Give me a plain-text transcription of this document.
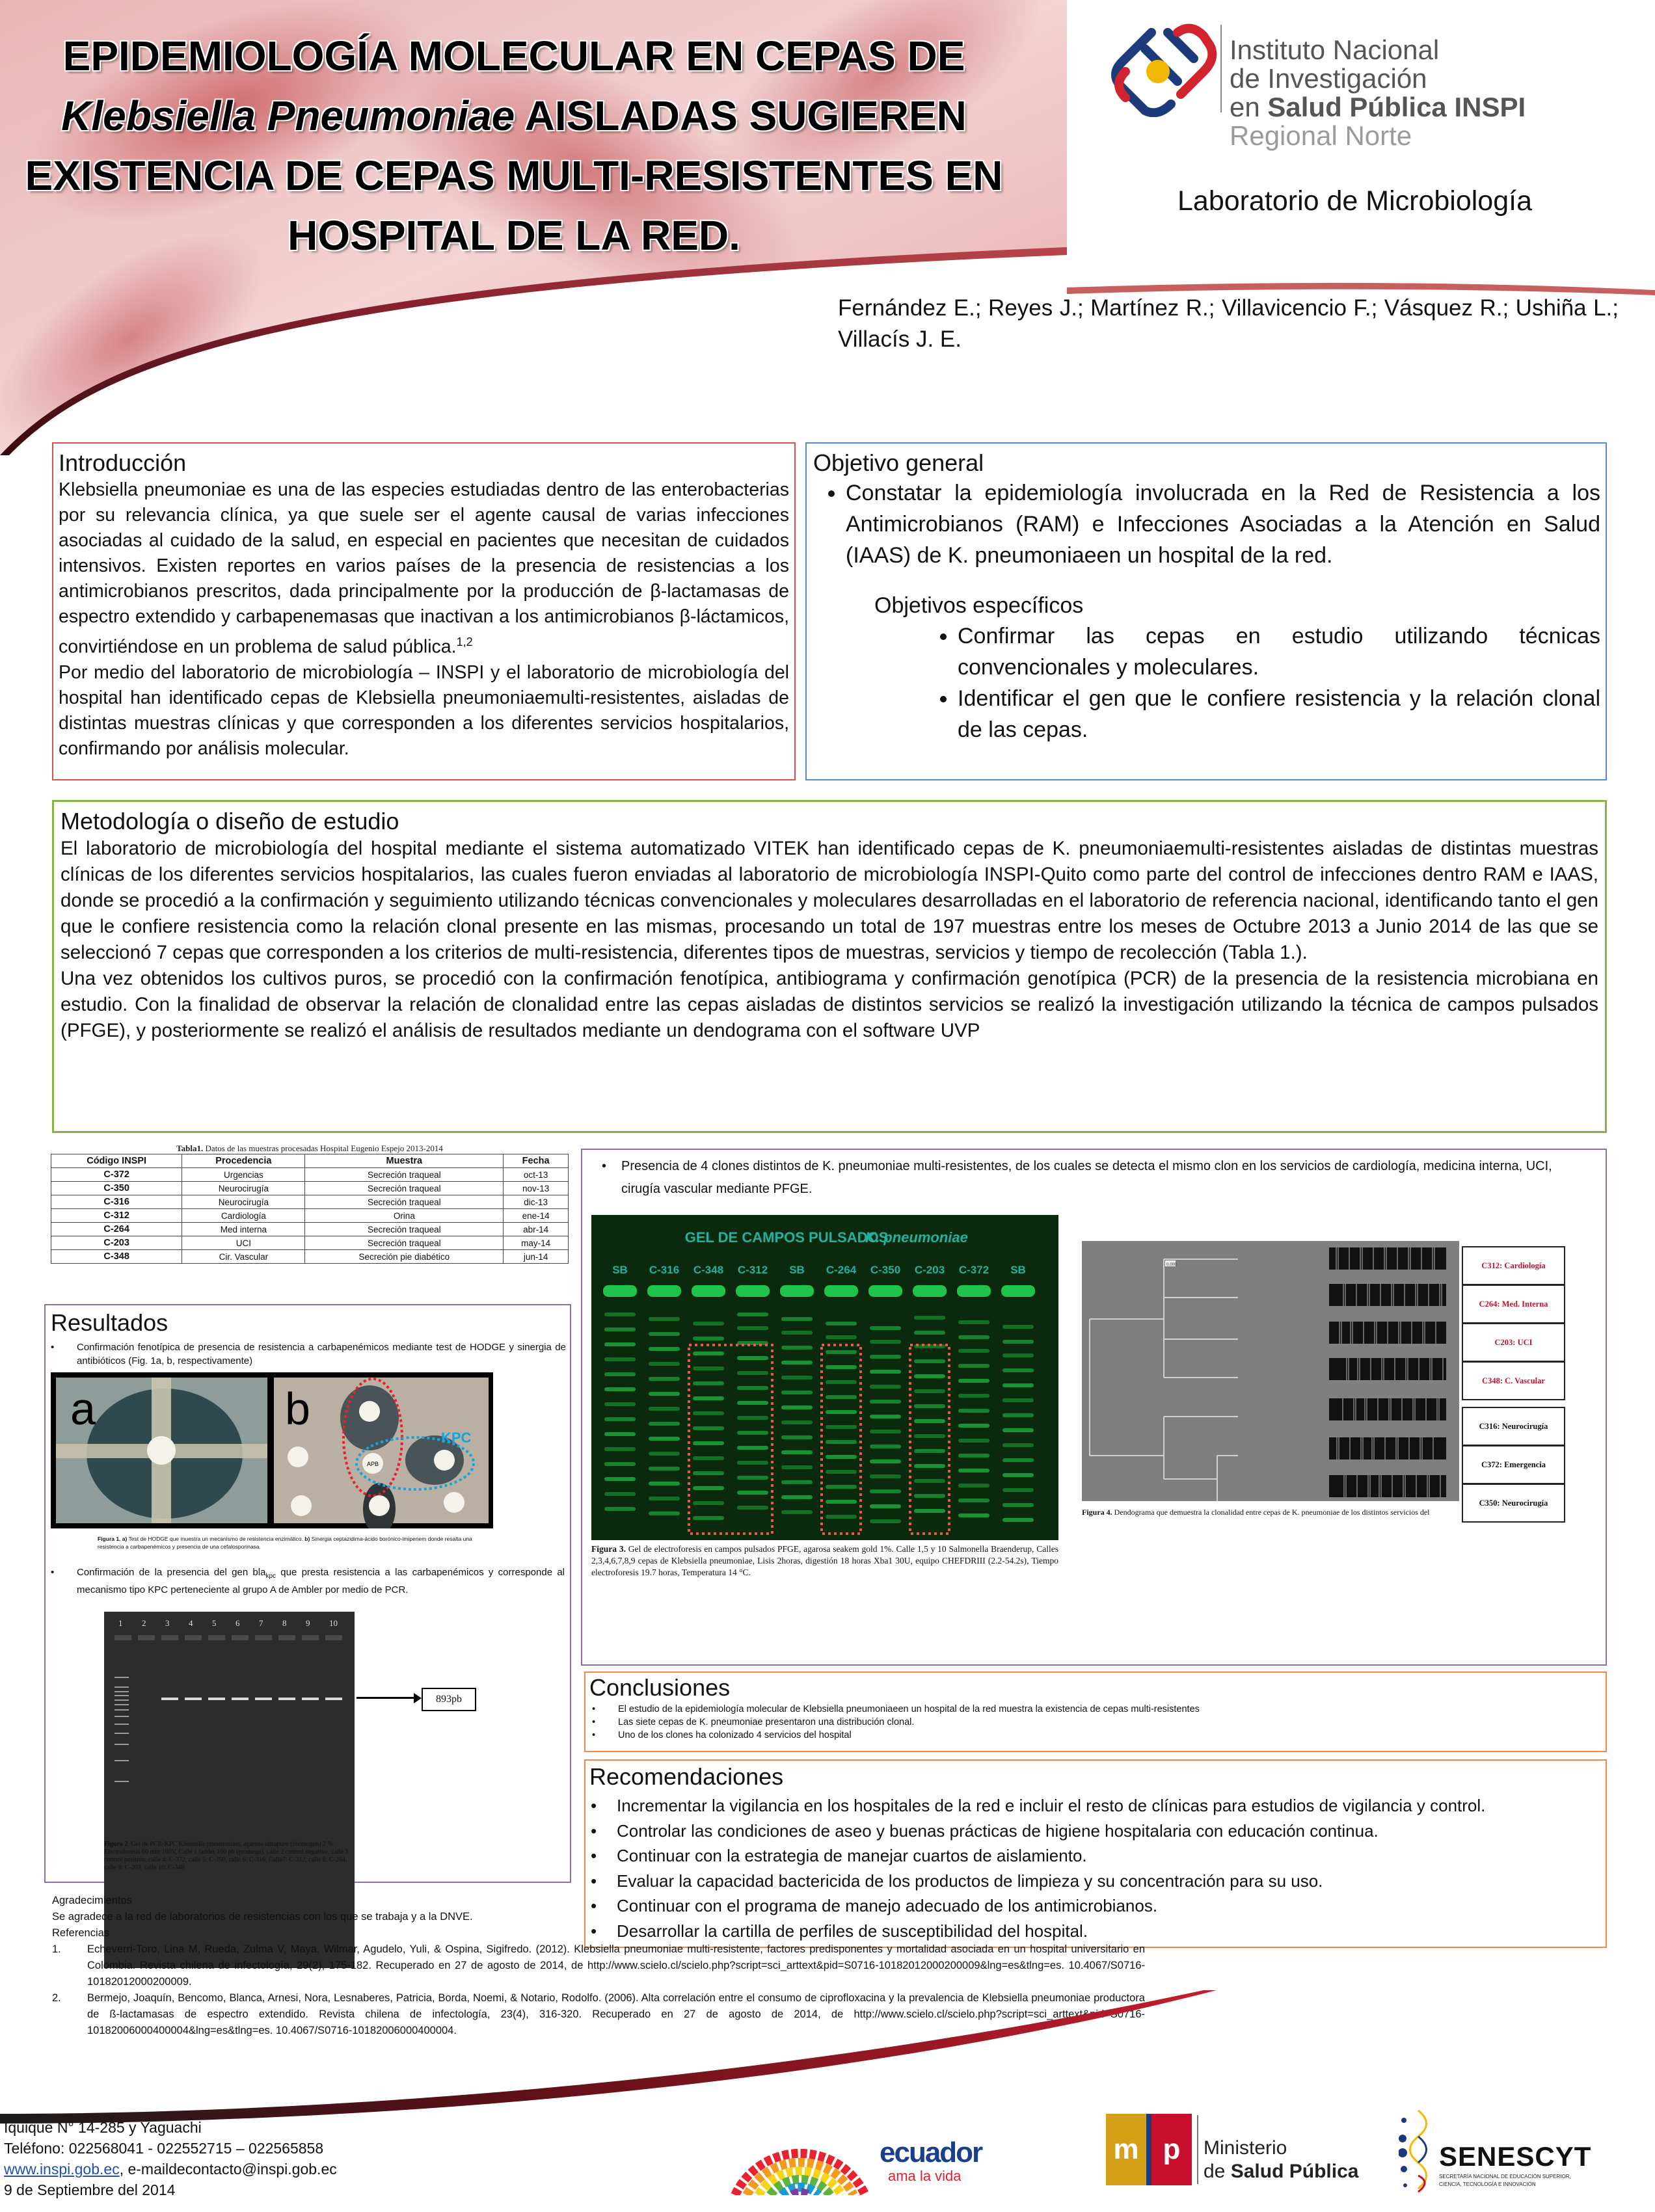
EPIDEMIOLOGÍA MOLECULAR EN CEPAS DE
Klebsiella Pneumoniae AISLADAS SUGIEREN
EXISTENCIA DE CEPAS MULTI-RESISTENTES EN
HOSPITAL DE LA RED.
Instituto Nacional
de Investigación
en Salud Pública INSPI
Regional Norte
Laboratorio de Microbiología
Fernández E.; Reyes J.; Martínez R.; Villavicencio F.; Vásquez R.; Ushiña L.; Villacís J. E.
Introducción
Klebsiella pneumoniae es una de las especies estudiadas dentro de las enterobacterias por su relevancia clínica, ya que suele ser el agente causal de varias infecciones asociadas al cuidado de la salud, en especial en pacientes que necesitan de cuidados intensivos. Existen reportes en varios países de la presencia de resistencias a los antimicrobianos prescritos, dada principalmente por la producción de β-lactamasas de espectro extendido y carbapenemasas que inactivan a los antimicrobianos β-láctamicos, convirtiéndose en un problema de salud pública.$^{1,2}$
Por medio del laboratorio de microbiología – INSPI y el laboratorio de microbiología del hospital han identificado cepas de Klebsiella pneumoniaemulti-resistentes, aisladas de distintas muestras clínicas y que corresponden a los diferentes servicios hospitalarios, confirmando por análisis molecular.
Objetivo general
• Constatar la epidemiología involucrada en la Red de Resistencia a los Antimicrobianos (RAM) e Infecciones Asociadas a la Atención en Salud (IAAS) de K. pneumoniaeen un hospital de la red.
Objetivos específicos
• Confirmar las cepas en estudio utilizando técnicas convencionales y moleculares.
• Identificar el gen que le confiere resistencia y la relación clonal de las cepas.
Metodología o diseño de estudio
El laboratorio de microbiología del hospital mediante el sistema automatizado VITEK han identificado cepas de K. pneumoniaemulti-resistentes aisladas de distintas muestras clínicas de los diferentes servicios hospitalarios, las cuales fueron enviadas al laboratorio de microbiología INSPI-Quito como parte del control de infecciones dentro RAM e IAAS, donde se procedió a la confirmación y seguimiento utilizando técnicas convencionales y moleculares desarrolladas en el laboratorio de referencia nacional, identificando tanto el gen que le confiere resistencia como la relación clonal presente en las mismas, procesando un total de 197 muestras entre los meses de Octubre 2013 a Junio 2014 de las que se seleccionó 7 cepas que corresponden a los criterios de multi-resistencia, diferentes tipos de muestras, servicios y tiempo de recolección (Tabla 1.).
Una vez obtenidos los cultivos puros, se procedió con la confirmación fenotípica, antibiograma y confirmación genotípica (PCR) de la presencia de la resistencia microbiana en estudio. Con la finalidad de observar la relación de clonalidad entre las cepas aisladas de distintos servicios se realizó la investigación utilizando la técnica de campos pulsados (PFGE), y posteriormente se realizó el análisis de resultados mediante un dendograma con el software UVP
Tabla1. Datos de las muestras procesadas Hospital Eugenio Espejo 2013-2014
Código INSPI	Procedencia	Muestra	Fecha
C-372	Urgencias	Secreción traqueal	oct-13
C-350	Neurocirugía	Secreción traqueal	nov-13
C-316	Neurocirugía	Secreción traqueal	dic-13
C-312	Cardiología	Orina	ene-14
C-264	Med interna	Secreción traqueal	abr-14
C-203	UCI	Secreción traqueal	may-14
C-348	Cir. Vascular	Secreción pie diabético	jun-14
Resultados
•	Confirmación fenotípica de presencia de resistencia a carbapenémicos mediante test de HODGE y sinergia de antibióticos (Fig. 1a, b, respectivamente)
a
APB
KPC
b
Figura 1. a) Test de HODGE que muestra un mecanismo de resistencia enzimático. b) Sinergia ceptazidima-ácido borónico-imipenem donde resalta una resistencia a carbapenémicos y presencia de una cefalosporinasa.
•	Confirmación de la presencia del gen bla$_{kpc}$ que presta resistencia a las carbapenémicos y corresponde al mecanismo tipo KPC perteneciente al grupo A de Ambler por medio de PCR.
1 2 3 4 5 6 7 8 9 10
Figura 2. Gel de PCR-KPC Klebsiella pneumoniaei, agarosa ultrapure (invitrogen) 2 %. Electroforesis 60 min 160V, Calle 1 ladder 100 pb (promega), calle 2 control negativo, calle 3 control positivo, calle 4: C-372, calle 5: C-350, calle 6: C-316, Calle7: C-312, calle 8: C-264, calle 9: C-203, calle 10: C-348
893pb
•	Presencia de 4 clones distintos de K. pneumoniae multi-resistentes, de los cuales se detecta el mismo clon en los servicios de cardiología, medicina interna, UCI, cirugía vascular mediante PFGE.
GEL DE CAMPOS PULSADOS
K. pneumoniae
SB C-316 C-348 C-312 SB C-264 C-350 C-203 C-372 SB
Figura 3. Gel de electroforesis en campos pulsados PFGE, agarosa seakem gold 1%. Calle 1,5 y 10 Salmonella Braenderup, Calles 2,3,4,6,7,8,9 cepas de Klebsiella pneumoniae, Lisis 2horas, digestión 18 horas Xba1 30U, equipo CHEFDRIII (2.2-54.2s), Tiempo electroforesis 19.7 horas, Temperatura 14 °C.
0.000	C312: Cardiología
C264: Med. Interna
C203: UCI
C348: C. Vascular
C316: Neurocirugía
C372: Emergencia
C350: Neurocirugía
Figura 4. Dendograma que demuestra la clonalidad entre cepas de K. pneumoniae de los distintos servicios del
Conclusiones
•	El estudio de la epidemiología molecular de Klebsiella pneumoniaeen un hospital de la red muestra la existencia de cepas multi-resistentes
•	Las siete cepas de K. pneumoniae presentaron una distribución clonal.
•	Uno de los clones ha colonizado 4 servicios del hospital
Recomendaciones
•	Incrementar la vigilancia en los hospitales de la red e incluir el resto de clínicas para estudios de vigilancia y control.
•	Controlar las condiciones de aseo y buenas prácticas de higiene hospitalaria con educación continua.
•	Continuar con la estrategia de manejar cuartos de aislamiento.
•	Evaluar la capacidad bactericida de los productos de limpieza y su concentración para su uso.
•	Continuar con el programa de manejo adecuado de los antimicrobianos.
•	Desarrollar la cartilla de perfiles de susceptibilidad del hospital.
Agradecimientos
Se agradece a la red de laboratorios de resistencias con los que se trabaja y a la DNVE.
Referencias
1.	Echeverri-Toro, Lina M, Rueda, Zulma V, Maya, Wilmar, Agudelo, Yuli, & Ospina, Sigifredo. (2012). Klebsiella pneumoniae multi-resistente, factores predisponentes y mortalidad asociada en un hospital universitario en Colombia. Revista chilena de infectología, 29(2), 175-182. Recuperado en 27 de agosto de 2014, de http://www.scielo.cl/scielo.php?script=sci_arttext&pid=S0716-10182012000200009&lng=es&tlng=es. 10.4067/S0716-10182012000200009.
2.	Bermejo, Joaquín, Bencomo, Blanca, Arnesi, Nora, Lesnaberes, Patricia, Borda, Noemi, & Notario, Rodolfo. (2006). Alta correlación entre el consumo de ciprofloxacina y la prevalencia de Klebsiella pneumoniae productora de ß-lactamasas de espectro extendido. Revista chilena de infectología, 23(4), 316-320. Recuperado en 27 de agosto de 2014, de http://www.scielo.cl/scielo.php?script=sci_arttext&pid=S0716-10182006000400004&lng=es&tlng=es. 10.4067/S0716-10182006000400004.
Iquique N° 14-285 y Yaguachi
Teléfono: 022568041 - 022552715 – 022565858
www.inspi.gob.ec, e-maildecontacto@inspi.gob.ec
9 de Septiembre del 2014
ecuador
ama la vida
m p	Ministerio
de Salud Pública	SENESCYT
SECRETARÍA NACIONAL DE EDUCACIÓN SUPERIOR,
CIENCIA, TECNOLOGÍA E INNOVACIÓN
